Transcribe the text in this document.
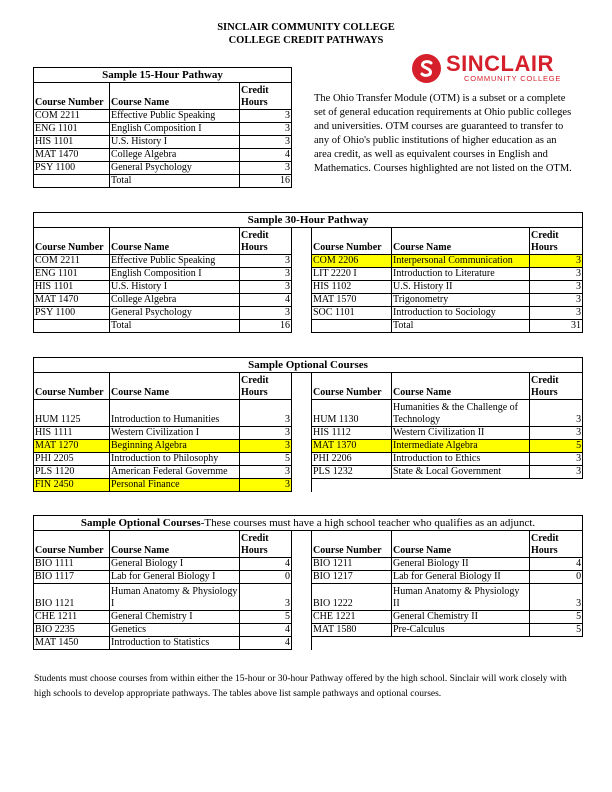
SINCLAIR COMMUNITY COLLEGE
COLLEGE CREDIT PATHWAYS
SINCLAIR
COMMUNITY COLLEGE
The Ohio Transfer Module (OTM) is a subset or a complete set of general education requirements at Ohio public colleges and universities. OTM courses are guaranteed to transfer to any of Ohio's public institutions of higher education as an area credit, as well as equivalent courses in English and Mathematics. Courses highlighted are not listed on the OTM.
Sample 15-Hour Pathway		
Course Number	Course Name	Credit Hours
COM 2211	Effective Public Speaking	3
ENG 1101	English Composition I	3
HIS 1101	U.S. History I	3
MAT 1470	College Algebra	4
PSY 1100	General Psychology	3
	Total	16
Sample 30-Hour Pathway						
Course Number	Course Name	Credit Hours		Course Number	Course Name	Credit Hours
COM 2211	Effective Public Speaking	3		COM 2206	Interpersonal Communication	3
ENG 1101	English Composition I	3		LIT 2220 I	Introduction to Literature	3
HIS 1101	U.S. History I	3		HIS 1102	U.S. History II	3
MAT 1470	College Algebra	4		MAT 1570	Trigonometry	3
PSY 1100	General Psychology	3		SOC 1101	Introduction to Sociology	3
	Total	16			Total	31
Sample Optional Courses						
Course Number	Course Name	Credit Hours		Course Number	Course Name	Credit Hours
HUM 1125	Introduction to Humanities	3		HUM 1130	Humanities & the Challenge of Technology	3
HIS 1111	Western Civilization I	3		HIS 1112	Western Civilization II	3
MAT 1270	Beginning Algebra	3		MAT 1370	Intermediate Algebra	5
PHI 2205	Introduction to Philosophy	5		PHI 2206	Introduction to Ethics	3
PLS 1120	American Federal Governme	3		PLS 1232	State & Local Government	3
FIN 2450	Personal Finance	3				
Sample Optional Courses-These courses must have a high school teacher who qualifies as an adjunct.						
Course Number	Course Name	Credit Hours		Course Number	Course Name	Credit Hours
BIO 1111	General Biology I	4		BIO 1211	General Biology II	4
BIO 1117	Lab for General Biology I	0		BIO 1217	Lab for General Biology II	0
BIO 1121	Human Anatomy & Physiology I	3		BIO 1222	Human Anatomy & Physiology II	3
CHE 1211	General Chemistry I	5		CHE 1221	General Chemistry II	5
BIO 2235	Genetics	4		MAT 1580	Pre-Calculus	5
MAT 1450	Introduction to Statistics	4				
Students must choose courses from within either the 15-hour or 30-hour Pathway offered by the high school. Sinclair will work closely with high schools to develop appropriate pathways. The tables above list sample pathways and optional courses.
